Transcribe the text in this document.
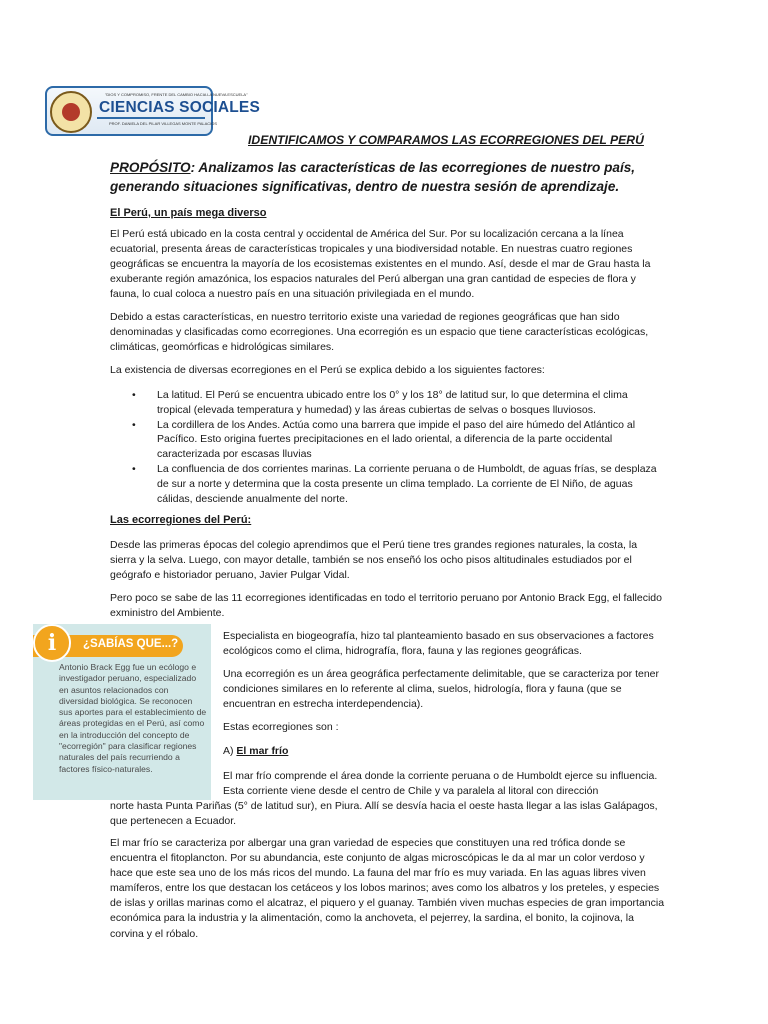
"DIOS Y COMPROMISO, FRENTE DEL CAMBIO HACIA LA NUEVA ESCUELA"
CIENCIAS SOCIALES
PROF. DANIELA DEL PILAR VILLEGAS MONTE PALACIOS
IDENTIFICAMOS Y COMPARAMOS LAS ECORREGIONES DEL PERÚ
PROPÓSITO: Analizamos las características de las ecorregiones de nuestro país, generando situaciones significativas, dentro de nuestra sesión de aprendizaje.
El Perú, un país mega diverso
El Perú está ubicado en la costa central y occidental de América del Sur. Por su localización cercana a la línea ecuatorial, presenta áreas de características tropicales y una biodiversidad notable. En nuestras cuatro regiones geográficas se encuentra la mayoría de los ecosistemas existentes en el mundo. Así, desde el mar de Grau hasta la exuberante región amazónica, los espacios naturales del Perú albergan una gran cantidad de especies de flora y fauna, lo cual coloca a nuestro país en una situación privilegiada en el mundo.
Debido a estas características, en nuestro territorio existe una variedad de regiones geográficas que han sido denominadas y clasificadas como ecorregiones. Una ecorregión es un espacio que tiene características ecológicas, climáticas, geomórficas e hidrológicas similares.
La existencia de diversas ecorregiones en el Perú se explica debido a los siguientes factores:
• La latitud. El Perú se encuentra ubicado entre los 0° y los 18° de latitud sur, lo que determina el clima tropical (elevada temperatura y humedad) y las áreas cubiertas de selvas o bosques lluviosos.
• La cordillera de los Andes. Actúa como una barrera que impide el paso del aire húmedo del Atlántico al Pacífico. Esto origina fuertes precipitaciones en el lado oriental, a diferencia de la parte occidental caracterizada por escasas lluvias
• La confluencia de dos corrientes marinas. La corriente peruana o de Humboldt, de aguas frías, se desplaza de sur a norte y determina que la costa presente un clima templado. La corriente de El Niño, de aguas cálidas, desciende anualmente del norte.
Las ecorregiones del Perú:
Desde las primeras épocas del colegio aprendimos que el Perú tiene tres grandes regiones naturales, la costa, la sierra y la selva. Luego, con mayor detalle, también se nos enseñó los ocho pisos altitudinales estudiados por el geógrafo e historiador peruano, Javier Pulgar Vidal.
Pero poco se sabe de las 11 ecorregiones identificadas en todo el territorio peruano por Antonio Brack Egg, el fallecido exministro del Ambiente.
i	¿SABÍAS QUE...?
Antonio Brack Egg fue un ecólogo e investigador peruano, especializado en asuntos relacionados con diversidad biológica. Se reconocen sus aportes para el establecimiento de áreas protegidas en el Perú, así como en la introducción del concepto de "ecorregión" para clasificar regiones naturales del país recurriendo a factores físico-naturales.
Especialista en biogeografía, hizo tal planteamiento basado en sus observaciones a factores ecológicos como el clima, hidrografía, flora, fauna y las regiones geográficas.
Una ecorregión es un área geográfica perfectamente delimitable, que se caracteriza por tener condiciones similares en lo referente al clima, suelos, hidrología, flora y fauna (que se encuentran en estrecha interdependencia).
Estas ecorregiones son :
A) El mar frío
El mar frío comprende el área donde la corriente peruana o de Humboldt ejerce su influencia. Esta corriente viene desde el centro de Chile y va paralela al litoral con dirección
norte hasta Punta Pariñas (5° de latitud sur), en Piura. Allí se desvía hacia el oeste hasta llegar a las islas Galápagos, que pertenecen a Ecuador.
El mar frío se caracteriza por albergar una gran variedad de especies que constituyen una red trófica donde se encuentra el fitoplancton. Por su abundancia, este conjunto de algas microscópicas le da al mar un color verdoso y hace que este sea uno de los más ricos del mundo. La fauna del mar frío es muy variada. En las aguas libres viven mamíferos, entre los que destacan los cetáceos y los lobos marinos; aves como los albatros y los preteles, y especies de islas y orillas marinas como el alcatraz, el piquero y el guanay. También viven muchas especies de gran importancia económica para la industria y la alimentación, como la anchoveta, el pejerrey, la sardina, el bonito, la cojinova, la corvina y el róbalo.
